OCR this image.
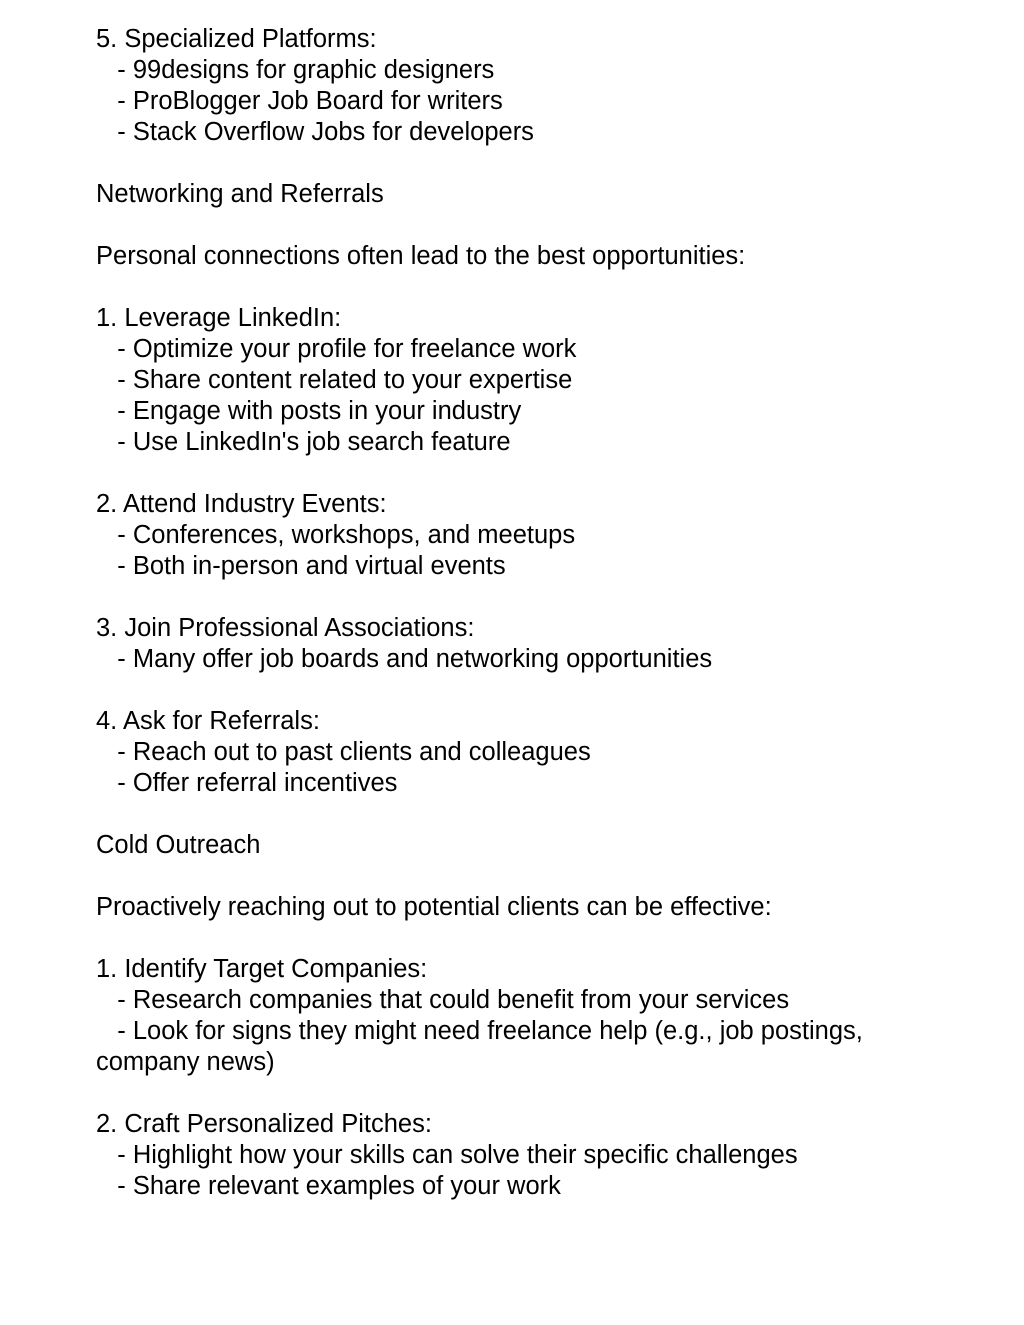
5. Specialized Platforms:
- 99designs for graphic designers
- ProBlogger Job Board for writers
- Stack Overflow Jobs for developers
Networking and Referrals
Personal connections often lead to the best opportunities:
1. Leverage LinkedIn:
- Optimize your profile for freelance work
- Share content related to your expertise
- Engage with posts in your industry
- Use LinkedIn's job search feature
2. Attend Industry Events:
- Conferences, workshops, and meetups
- Both in-person and virtual events
3. Join Professional Associations:
- Many offer job boards and networking opportunities
4. Ask for Referrals:
- Reach out to past clients and colleagues
- Offer referral incentives
Cold Outreach
Proactively reaching out to potential clients can be effective:
1. Identify Target Companies:
- Research companies that could benefit from your services
- Look for signs they might need freelance help (e.g., job postings, company news)
2. Craft Personalized Pitches:
- Highlight how your skills can solve their specific challenges
- Share relevant examples of your work
